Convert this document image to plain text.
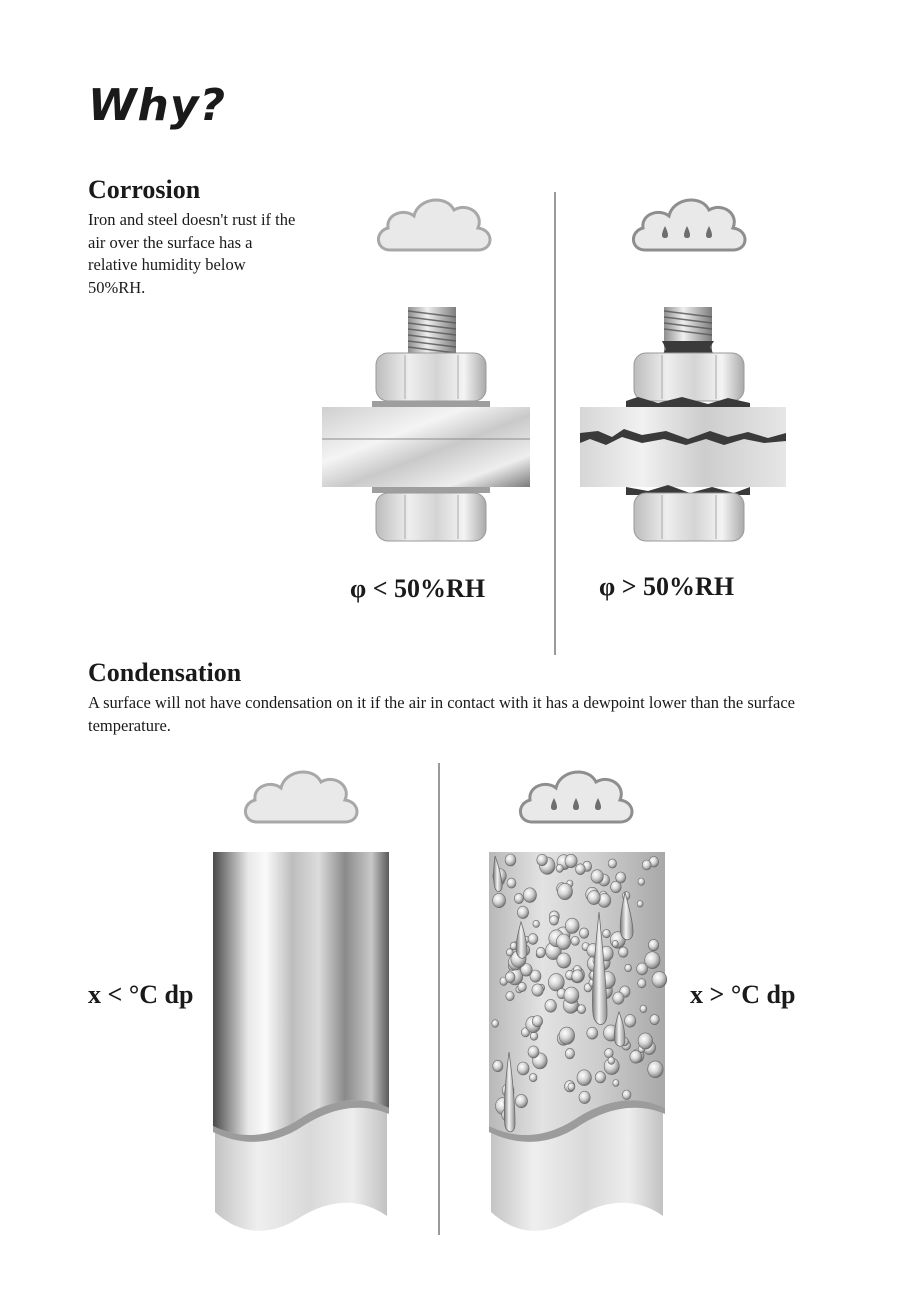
Why?
Corrosion
Iron and steel doesn't rust if the air over the surface has a relative humidity below 50%RH.
φ < 50%RH	φ > 50%RH
Condensation
A surface will not have condensation on it if the air in contact with it has a dewpoint lower than the surface temperature.
x < °C dp	x > °C dp
